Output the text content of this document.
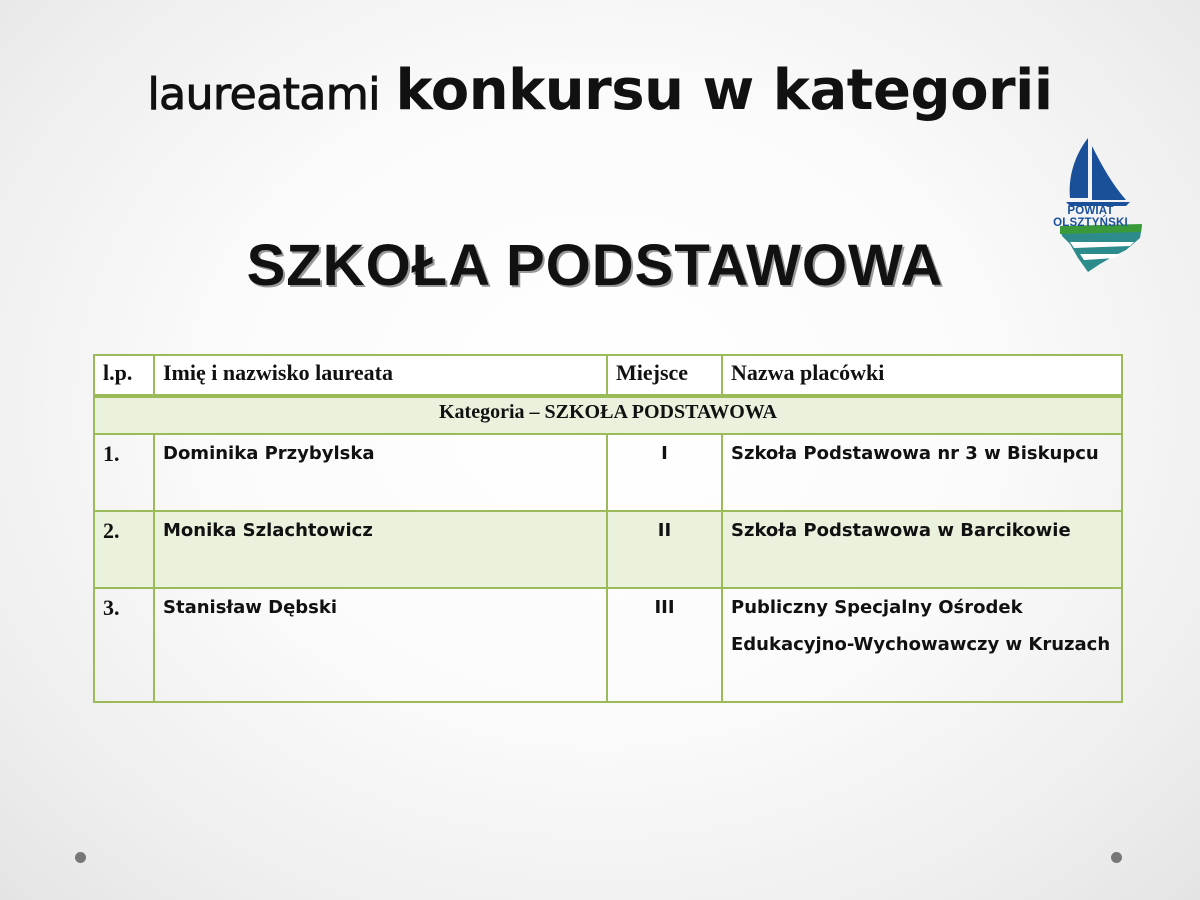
laureatami konkursu w kategorii
SZKOŁA PODSTAWOWA
POWIAT OLSZTYŃSKI
l.p.	Imię i nazwisko laureata	Miejsce	Nazwa placówki
Kategoria – SZKOŁA PODSTAWOWA			
1.	Dominika Przybylska	I	Szkoła Podstawowa nr 3 w Biskupcu

2.	Monika Szlachtowicz	II	Szkoła Podstawowa w Barcikowie

3.	Stanisław Dębski	III	Publiczny Specjalny Ośrodek Edukacyjno-Wychowawczy w Kruzach
